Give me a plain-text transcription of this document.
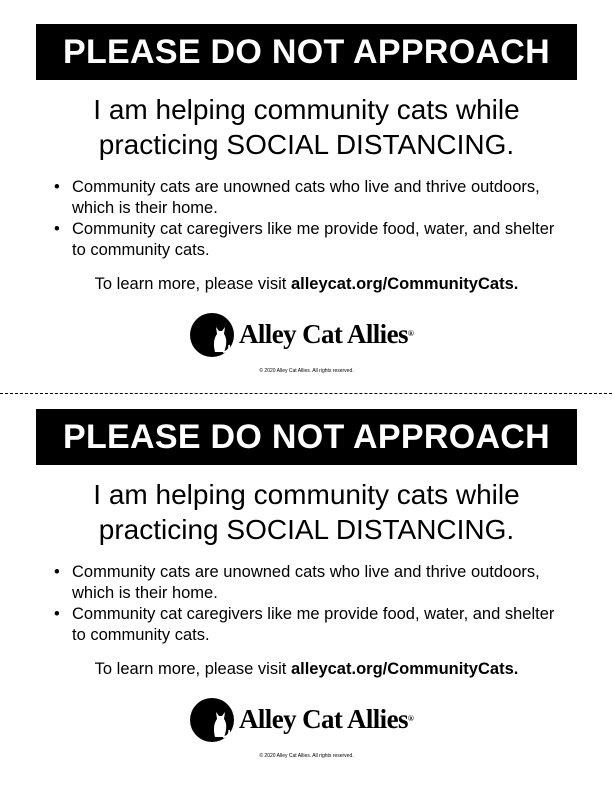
PLEASE DO NOT APPROACH
I am helping community cats while
practicing SOCIAL DISTANCING.
• Community cats are unowned cats who live and thrive outdoors, which is their home.
• Community cat caregivers like me provide food, water, and shelter to community cats.
To learn more, please visit alleycat.org/CommunityCats.
Alley Cat Allies®
© 2020 Alley Cat Allies. All rights reserved.
PLEASE DO NOT APPROACH
I am helping community cats while
practicing SOCIAL DISTANCING.
• Community cats are unowned cats who live and thrive outdoors, which is their home.
• Community cat caregivers like me provide food, water, and shelter to community cats.
To learn more, please visit alleycat.org/CommunityCats.
Alley Cat Allies®
© 2020 Alley Cat Allies. All rights reserved.
